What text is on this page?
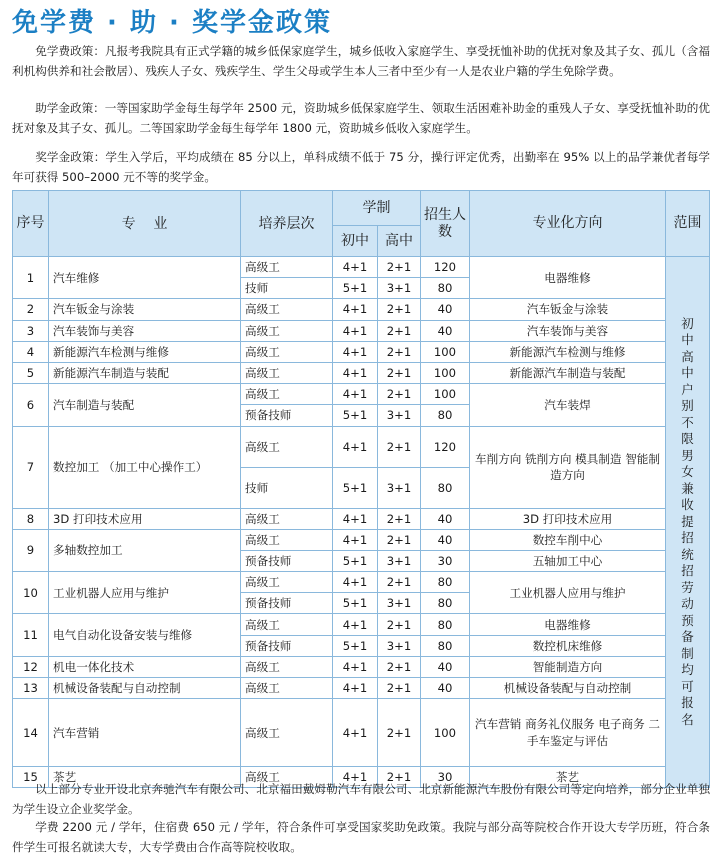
免学费 · 助 · 奖学金政策

免学费政策：凡报考我院具有正式学籍的城乡低保家庭学生，城乡低收入家庭学生、享受抚恤补助的优抚对象及其子女、孤儿（含福利机构供养和社会散居）、残疾人子女、残疾学生、学生父母或学生本人三者中至少有一人是农业户籍的学生免除学费。

助学金政策：一等国家助学金每生每学年 2500 元，资助城乡低保家庭学生、领取生活困难补助金的重残人子女、享受抚恤补助的优抚对象及其子女、孤儿。二等国家助学金每生每学年 1800 元，资助城乡低收入家庭学生。

奖学金政策：学生入学后，平均成绩在 85 分以上，单科成绩不低于 75 分，操行评定优秀，出勤率在 95% 以上的品学兼优者每学年可获得 500–2000 元不等的奖学金。

序号	专    业	培养层次	学制		招生人数	专业化方向	范围
			初中	高中			
1	汽车维修	高级工	4+1	2+1	120	电器维修	初中高中 户别不限 男女兼收 提招统招 劳动预备制 均可报名

		技师	5+1	3+1	80		
2	汽车钣金与涂装	高级工	4+1	2+1	40	汽车钣金与涂装	
3	汽车装饰与美容	高级工	4+1	2+1	40	汽车装饰与美容	
4	新能源汽车检测与维修	高级工	4+1	2+1	100	新能源汽车检测与维修	
5	新能源汽车制造与装配	高级工	4+1	2+1	100	新能源汽车制造与装配	
6	汽车制造与装配	高级工	4+1	2+1	100	汽车装焊	
		预备技师	5+1	3+1	80		
7	数控加工 （加工中心操作工）	高级工	4+1	2+1	120	车削方向 铣削方向 模具制造 智能制造方向	
		技师	5+1	3+1	80		
8	3D 打印技术应用	高级工	4+1	2+1	40	3D 打印技术应用	
9	多轴数控加工	高级工	4+1	2+1	40	数控车削中心	
		预备技师	5+1	3+1	30	五轴加工中心	
10	工业机器人应用与维护	高级工	4+1	2+1	80	工业机器人应用与维护	
		预备技师	5+1	3+1	80		
11	电气自动化设备安装与维修	高级工	4+1	2+1	80	电器维修	
		预备技师	5+1	3+1	80	数控机床维修	
12	机电一体化技术	高级工	4+1	2+1	40	智能制造方向	
13	机械设备装配与自动控制	高级工	4+1	2+1	40	机械设备装配与自动控制	
14	汽车营销	高级工	4+1	2+1	100	汽车营销 商务礼仪服务 电子商务 二手车鉴定与评估	
15	茶艺	高级工	4+1	2+1	30	茶艺	

以上部分专业开设北京奔驰汽车有限公司、北京福田戴姆勒汽车有限公司、北京新能源汽车股份有限公司等定向培养，部分企业单独为学生设立企业奖学金。

学费 2200 元 / 学年，住宿费 650 元 / 学年，符合条件可享受国家奖助免政策。我院与部分高等院校合作开设大专学历班，符合条件学生可报名就读大专，大专学费由合作高等院校收取。
